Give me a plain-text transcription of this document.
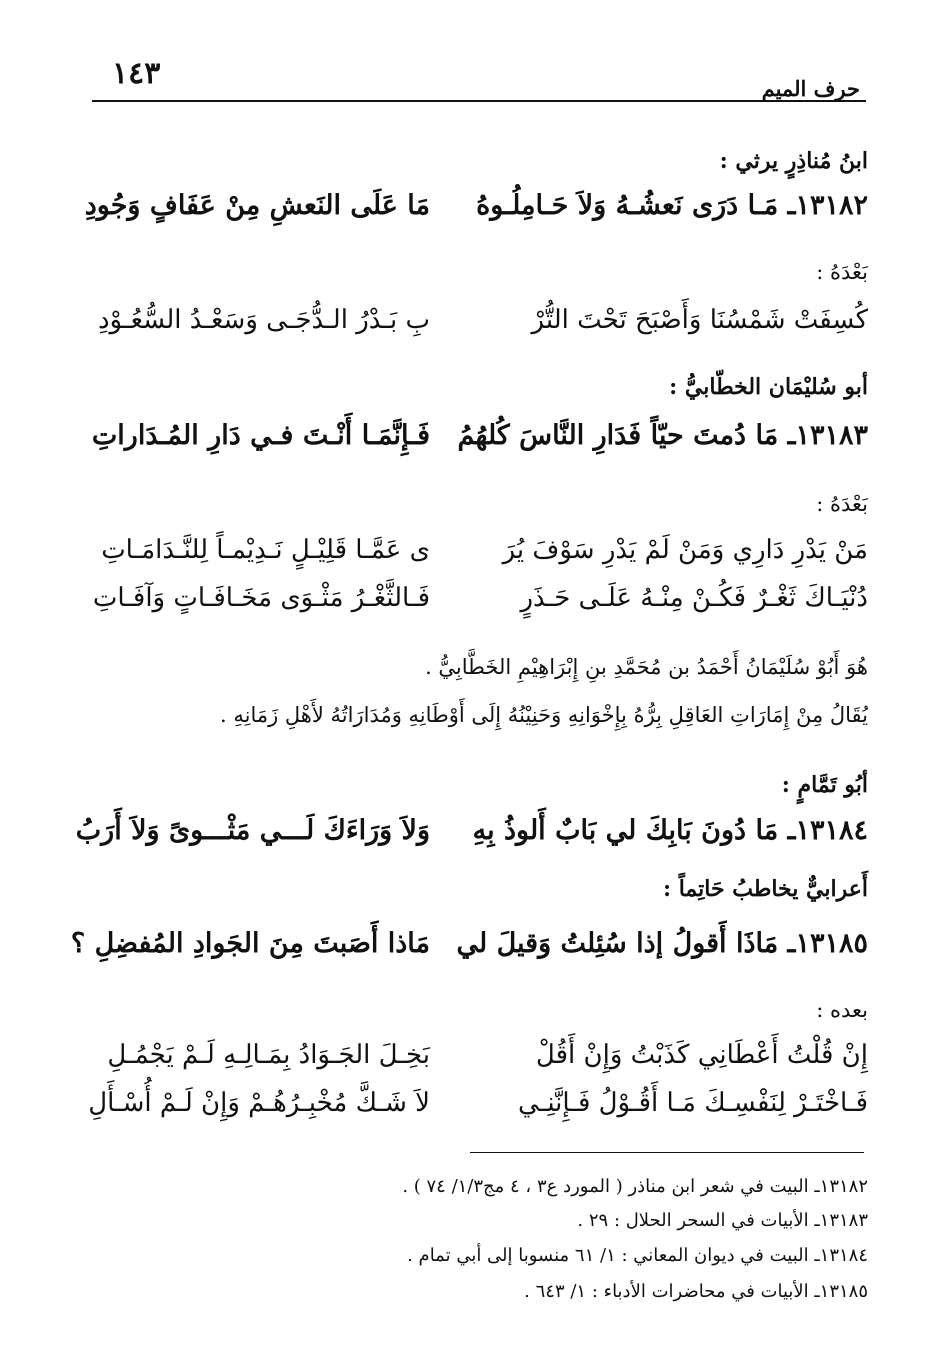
١٤٣	حرف الميم
ابنُ مُناذِرٍ يرثي :
١٣١٨٢ـ مَـا دَرَى نَعشُـهُ وَلاَ حَـامِلُـوهُ
مَا عَلَى النَعشِ مِنْ عَفَافٍ وَجُودِ
بَعْدَهُ :
كُسِفَتْ شَمْسُنَا وَأَصْبَحَ تَحْتَ التُّرْ
بِ بَـدْرُ الـدُّجَـى وَسَعْـدُ السُّعُـوْدِ
أبو سُليْمَان الخطّابيُّ :
١٣١٨٣ـ مَا دُمتَ حيّاً فَدَارِ النَّاسَ كُلهُمُ
فَـإِنَّمَـا أَنْـتَ فـي دَارِ المُـدَاراتِ
بَعْدَهُ :
مَنْ يَدْرِ دَارِي وَمَنْ لَمْ يَدْرِ سَوْفَ يُرَ
ى عَمَّـا قَلِيْـلٍ نَـدِيْمـاً لِلنَّـدَامَـاتِ
دُنْيَـاكَ ثَغْـرٌ فَكُـنْ مِنْـهُ عَلَـى حَـذَرٍ
فَـالثَّغْـرُ مَثْـوَى مَخَـافَـاتٍ وَآفَـاتِ
هُوَ أَبُوْ سُلَيْمَانُ أَحْمَدُ بن مُحَمَّدِ بنِ إِبْرَاهِيْمِ الخَطَّابِيُّ .
يُقَالُ مِنْ إِمَارَاتِ العَاقِلِ بِرُّهُ بِإِخْوَانِهِ وَحَنِيْنُهُ إِلَى أَوْطَانِهِ وَمُدَارَاتُهُ لأَهْلِ زَمَانِهِ .
أبُو تَمَّامٍ :
١٣١٨٤ـ مَا دُونَ بَابِكَ لي بَابٌ أَلوذُ بِهِ
وَلاَ وَرَاءَكَ لَـــي مَثْـــوىً وَلاَ أَرَبُ
أَعرابيٌّ يخاطبُ حَاتِماً :
١٣١٨٥ـ مَاذَا أَقولُ إذا سُئِلتُ وَقيلَ لي
مَاذا أَصَبتَ مِنَ الجَوادِ المُفضِلِ ؟
بعده :
إِنْ قُلْتُ أَعْطَانِي كَذَبْتُ وَإِنْ أَقُلْ
بَخِـلَ الجَـوَادُ بِمَـالِـهِ لَـمْ يَجْمُـلِ
فَـاخْتَـرْ لِنَفْسِـكَ مَـا أَقُـوْلُ فَـإِنَّنِـي
لاَ شَـكَّ مُخْبِـرُهُـمْ وَإِنْ لَـمْ أُسْـأَلِ
١٣١٨٢ـ البيت في شعر ابن مناذر ( المورد ع٣ ، ٤ مج١/٣/ ٧٤ ) .
١٣١٨٣ـ الأبيات في السحر الحلال : ٢٩ .
١٣١٨٤ـ البيت في ديوان المعاني : ١/ ٦١ منسوبا إلى أبي تمام .
١٣١٨٥ـ الأبيات في محاضرات الأدباء : ١/ ٦٤٣ .
